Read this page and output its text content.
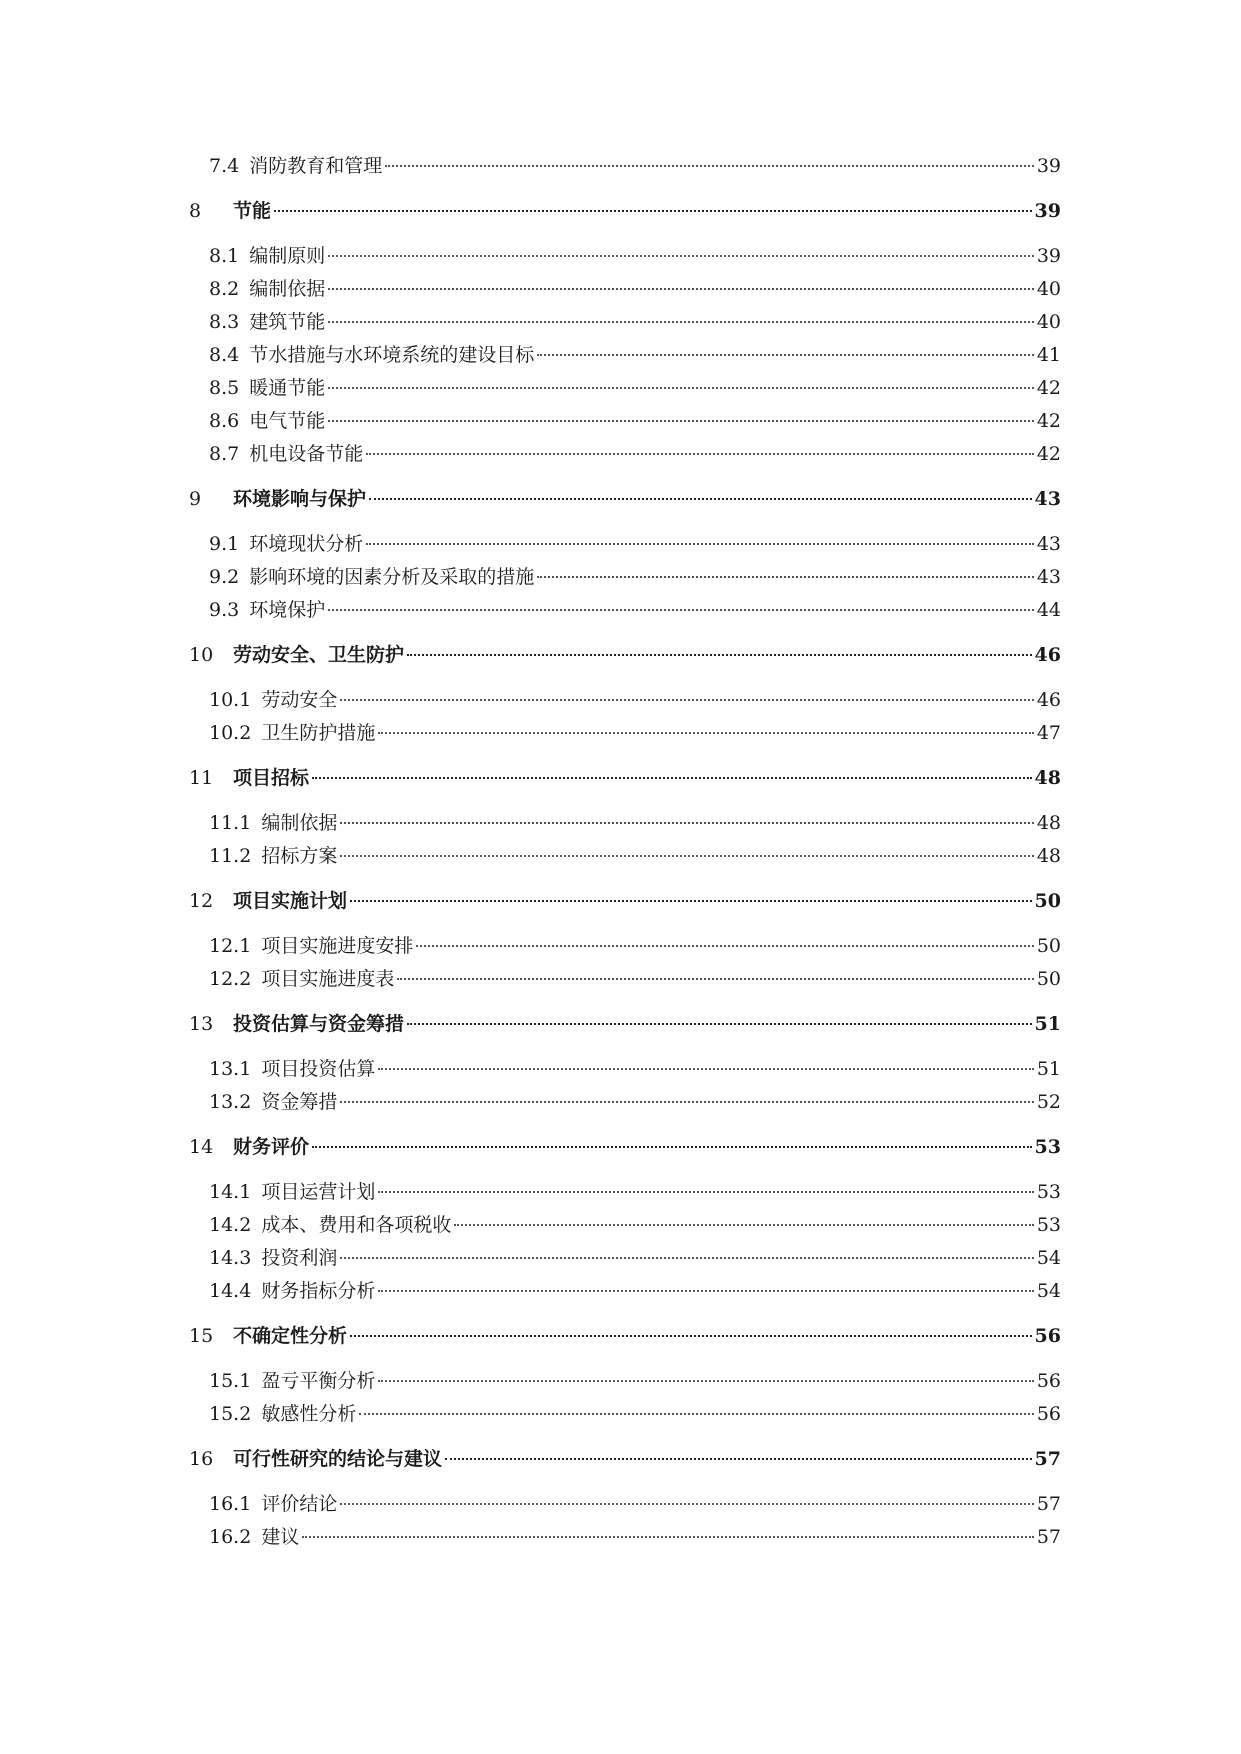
7.4 消防教育和管理	39
8	节能	39
8.1 编制原则	39
8.2 编制依据	40
8.3 建筑节能	40
8.4 节水措施与水环境系统的建设目标	41
8.5 暖通节能	42
8.6 电气节能	42
8.7 机电设备节能	42
9	环境影响与保护	43
9.1 环境现状分析	43
9.2 影响环境的因素分析及采取的措施	43
9.3 环境保护	44
10	劳动安全、卫生防护	46
10.1 劳动安全	46
10.2 卫生防护措施	47
11	项目招标	48
11.1 编制依据	48
11.2 招标方案	48
12	项目实施计划	50
12.1 项目实施进度安排	50
12.2 项目实施进度表	50
13	投资估算与资金筹措	51
13.1 项目投资估算	51
13.2 资金筹措	52
14	财务评价	53
14.1 项目运营计划	53
14.2 成本、费用和各项税收	53
14.3 投资利润	54
14.4 财务指标分析	54
15	不确定性分析	56
15.1 盈亏平衡分析	56
15.2 敏感性分析	56
16	可行性研究的结论与建议	57
16.1 评价结论	57
16.2 建议	57
